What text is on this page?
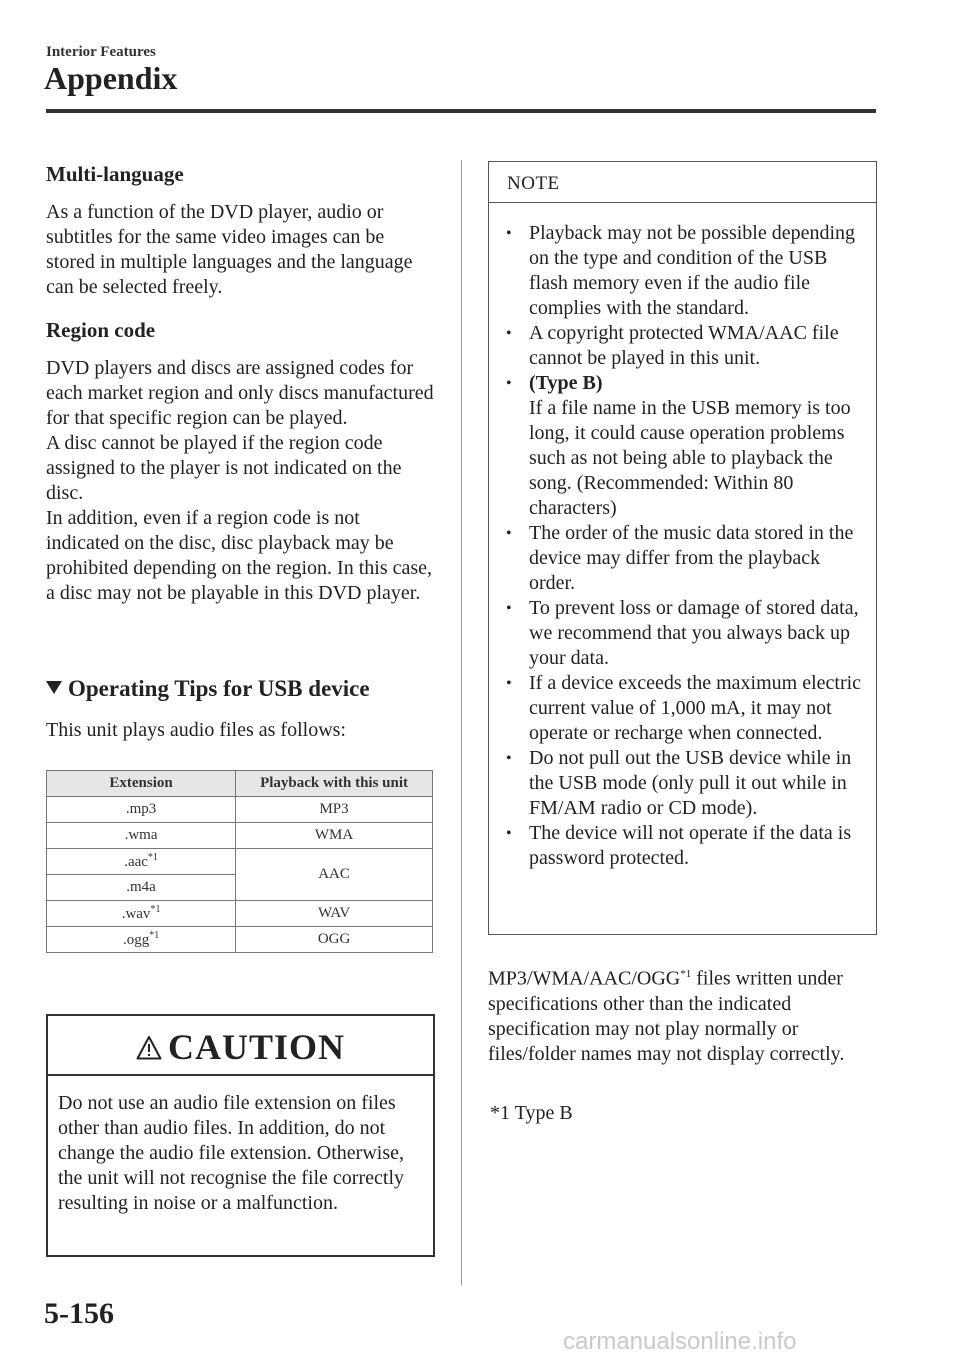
Interior Features
Appendix
Multi-language

As a function of the DVD player, audio or subtitles for the same video images can be stored in multiple languages and the language can be selected freely.

Region code

DVD players and discs are assigned codes for each market region and only discs manufactured for that specific region can be played.

A disc cannot be played if the region code assigned to the player is not indicated on the disc.

In addition, even if a region code is not indicated on the disc, disc playback may be prohibited depending on the region. In this case, a disc may not be playable in this DVD player.

Operating Tips for USB device
This unit plays audio files as follows:
Extension	Playback with this unit
.mp3	MP3
.wma	WMA
.aac$^{*1}$	AAC
.m4a	
.wav$^{*1}$	WAV
.ogg$^{*1}$	OGG
CAUTION
Do not use an audio file extension on files other than audio files. In addition, do not change the audio file extension. Otherwise, the unit will not recognise the file correctly resulting in noise or a malfunction.
NOTE
• Playback may not be possible depending on the type and condition of the USB flash memory even if the audio file complies with the standard.
• A copyright protected WMA/AAC file cannot be played in this unit.
• (Type B)
If a file name in the USB memory is too long, it could cause operation problems such as not being able to playback the song. (Recommended: Within 80 characters)
• The order of the music data stored in the device may differ from the playback order.
• To prevent loss or damage of stored data, we recommend that you always back up your data.
• If a device exceeds the maximum electric current value of 1,000 mA, it may not operate or recharge when connected.
• Do not pull out the USB device while in the USB mode (only pull it out while in FM/AM radio or CD mode).
• The device will not operate if the data is password protected.
MP3/WMA/AAC/OGG$^{*1}$ files written under specifications other than the indicated specification may not play normally or files/folder names may not display correctly.
*1 Type B
5-156
carmanualsonline.info
